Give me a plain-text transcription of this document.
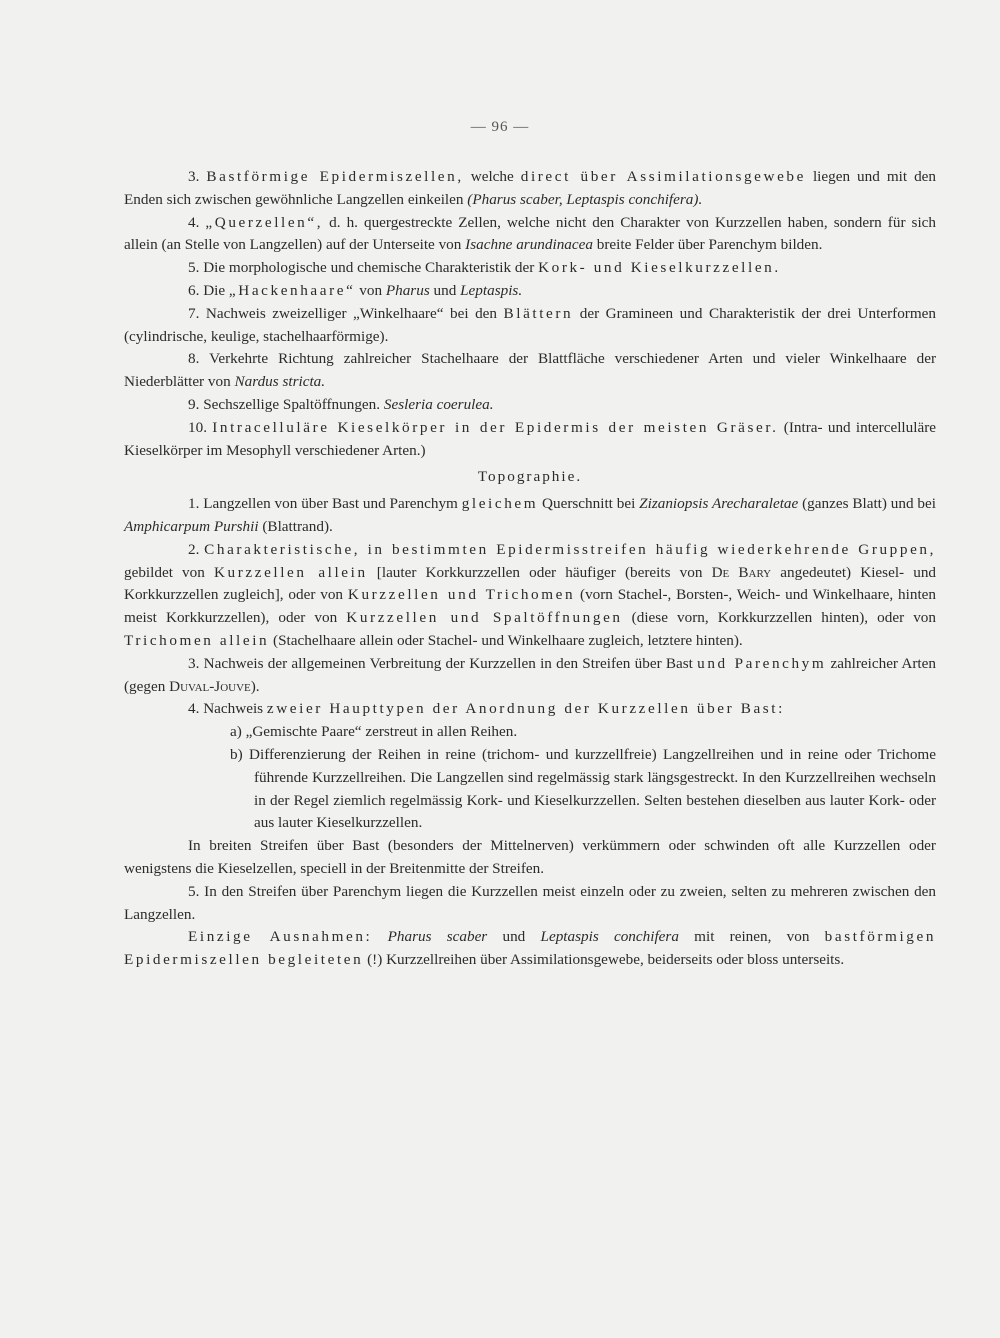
— 96 —

3. Bastförmige Epidermiszellen, welche direct über Assimilationsgewebe liegen und mit den Enden sich zwischen gewöhnliche Langzellen einkeilen (Pharus scaber, Leptaspis conchifera).

4. „Querzellen“, d. h. quergestreckte Zellen, welche nicht den Charakter von Kurzzellen haben, sondern für sich allein (an Stelle von Langzellen) auf der Unterseite von Isachne arundinacea breite Felder über Parenchym bilden.

5. Die morphologische und chemische Charakteristik der Kork- und Kieselkurzzellen.

6. Die „Hackenhaare“ von Pharus und Leptaspis.

7. Nachweis zweizelliger „Winkelhaare“ bei den Blättern der Gramineen und Charakteristik der drei Unterformen (cylindrische, keulige, stachelhaarförmige).

8. Verkehrte Richtung zahlreicher Stachelhaare der Blattfläche verschiedener Arten und vieler Winkelhaare der Niederblätter von Nardus stricta.

9. Sechszellige Spaltöffnungen. Sesleria coerulea.

10. Intracelluläre Kieselkörper in der Epidermis der meisten Gräser. (Intra- und intercelluläre Kieselkörper im Mesophyll verschiedener Arten.)

Topographie.

1. Langzellen von über Bast und Parenchym gleichem Querschnitt bei Zizaniopsis Arecharaletae (ganzes Blatt) und bei Amphicarpum Purshii (Blattrand).

2. Charakteristische, in bestimmten Epidermisstreifen häufig wiederkehrende Gruppen, gebildet von Kurzzellen allein [lauter Korkkurzzellen oder häufiger (bereits von De Bary angedeutet) Kiesel- und Korkkurzzellen zugleich], oder von Kurzzellen und Trichomen (vorn Stachel-, Borsten-, Weich- und Winkelhaare, hinten meist Korkkurzzellen), oder von Kurzzellen und Spaltöffnungen (diese vorn, Korkkurzzellen hinten), oder von Trichomen allein (Stachelhaare allein oder Stachel- und Winkelhaare zugleich, letztere hinten).

3. Nachweis der allgemeinen Verbreitung der Kurzzellen in den Streifen über Bast und Parenchym zahlreicher Arten (gegen Duval-Jouve).

4. Nachweis zweier Haupttypen der Anordnung der Kurzzellen über Bast:

a) „Gemischte Paare“ zerstreut in allen Reihen.

b) Differenzierung der Reihen in reine (trichom- und kurzzellfreie) Langzellreihen und in reine oder Trichome führende Kurzzellreihen. Die Langzellen sind regelmässig stark längsgestreckt. In den Kurzzellreihen wechseln in der Regel ziemlich regelmässig Kork- und Kieselkurzzellen. Selten bestehen dieselben aus lauter Kork- oder aus lauter Kieselkurzzellen.

In breiten Streifen über Bast (besonders der Mittelnerven) verkümmern oder schwinden oft alle Kurzzellen oder wenigstens die Kieselzellen, speciell in der Breitenmitte der Streifen.

5. In den Streifen über Parenchym liegen die Kurzzellen meist einzeln oder zu zweien, selten zu mehreren zwischen den Langzellen.

Einzige Ausnahmen: Pharus scaber und Leptaspis conchifera mit reinen, von bastförmigen Epidermiszellen begleiteten (!) Kurzzellreihen über Assimilationsgewebe, beiderseits oder bloss unterseits.
